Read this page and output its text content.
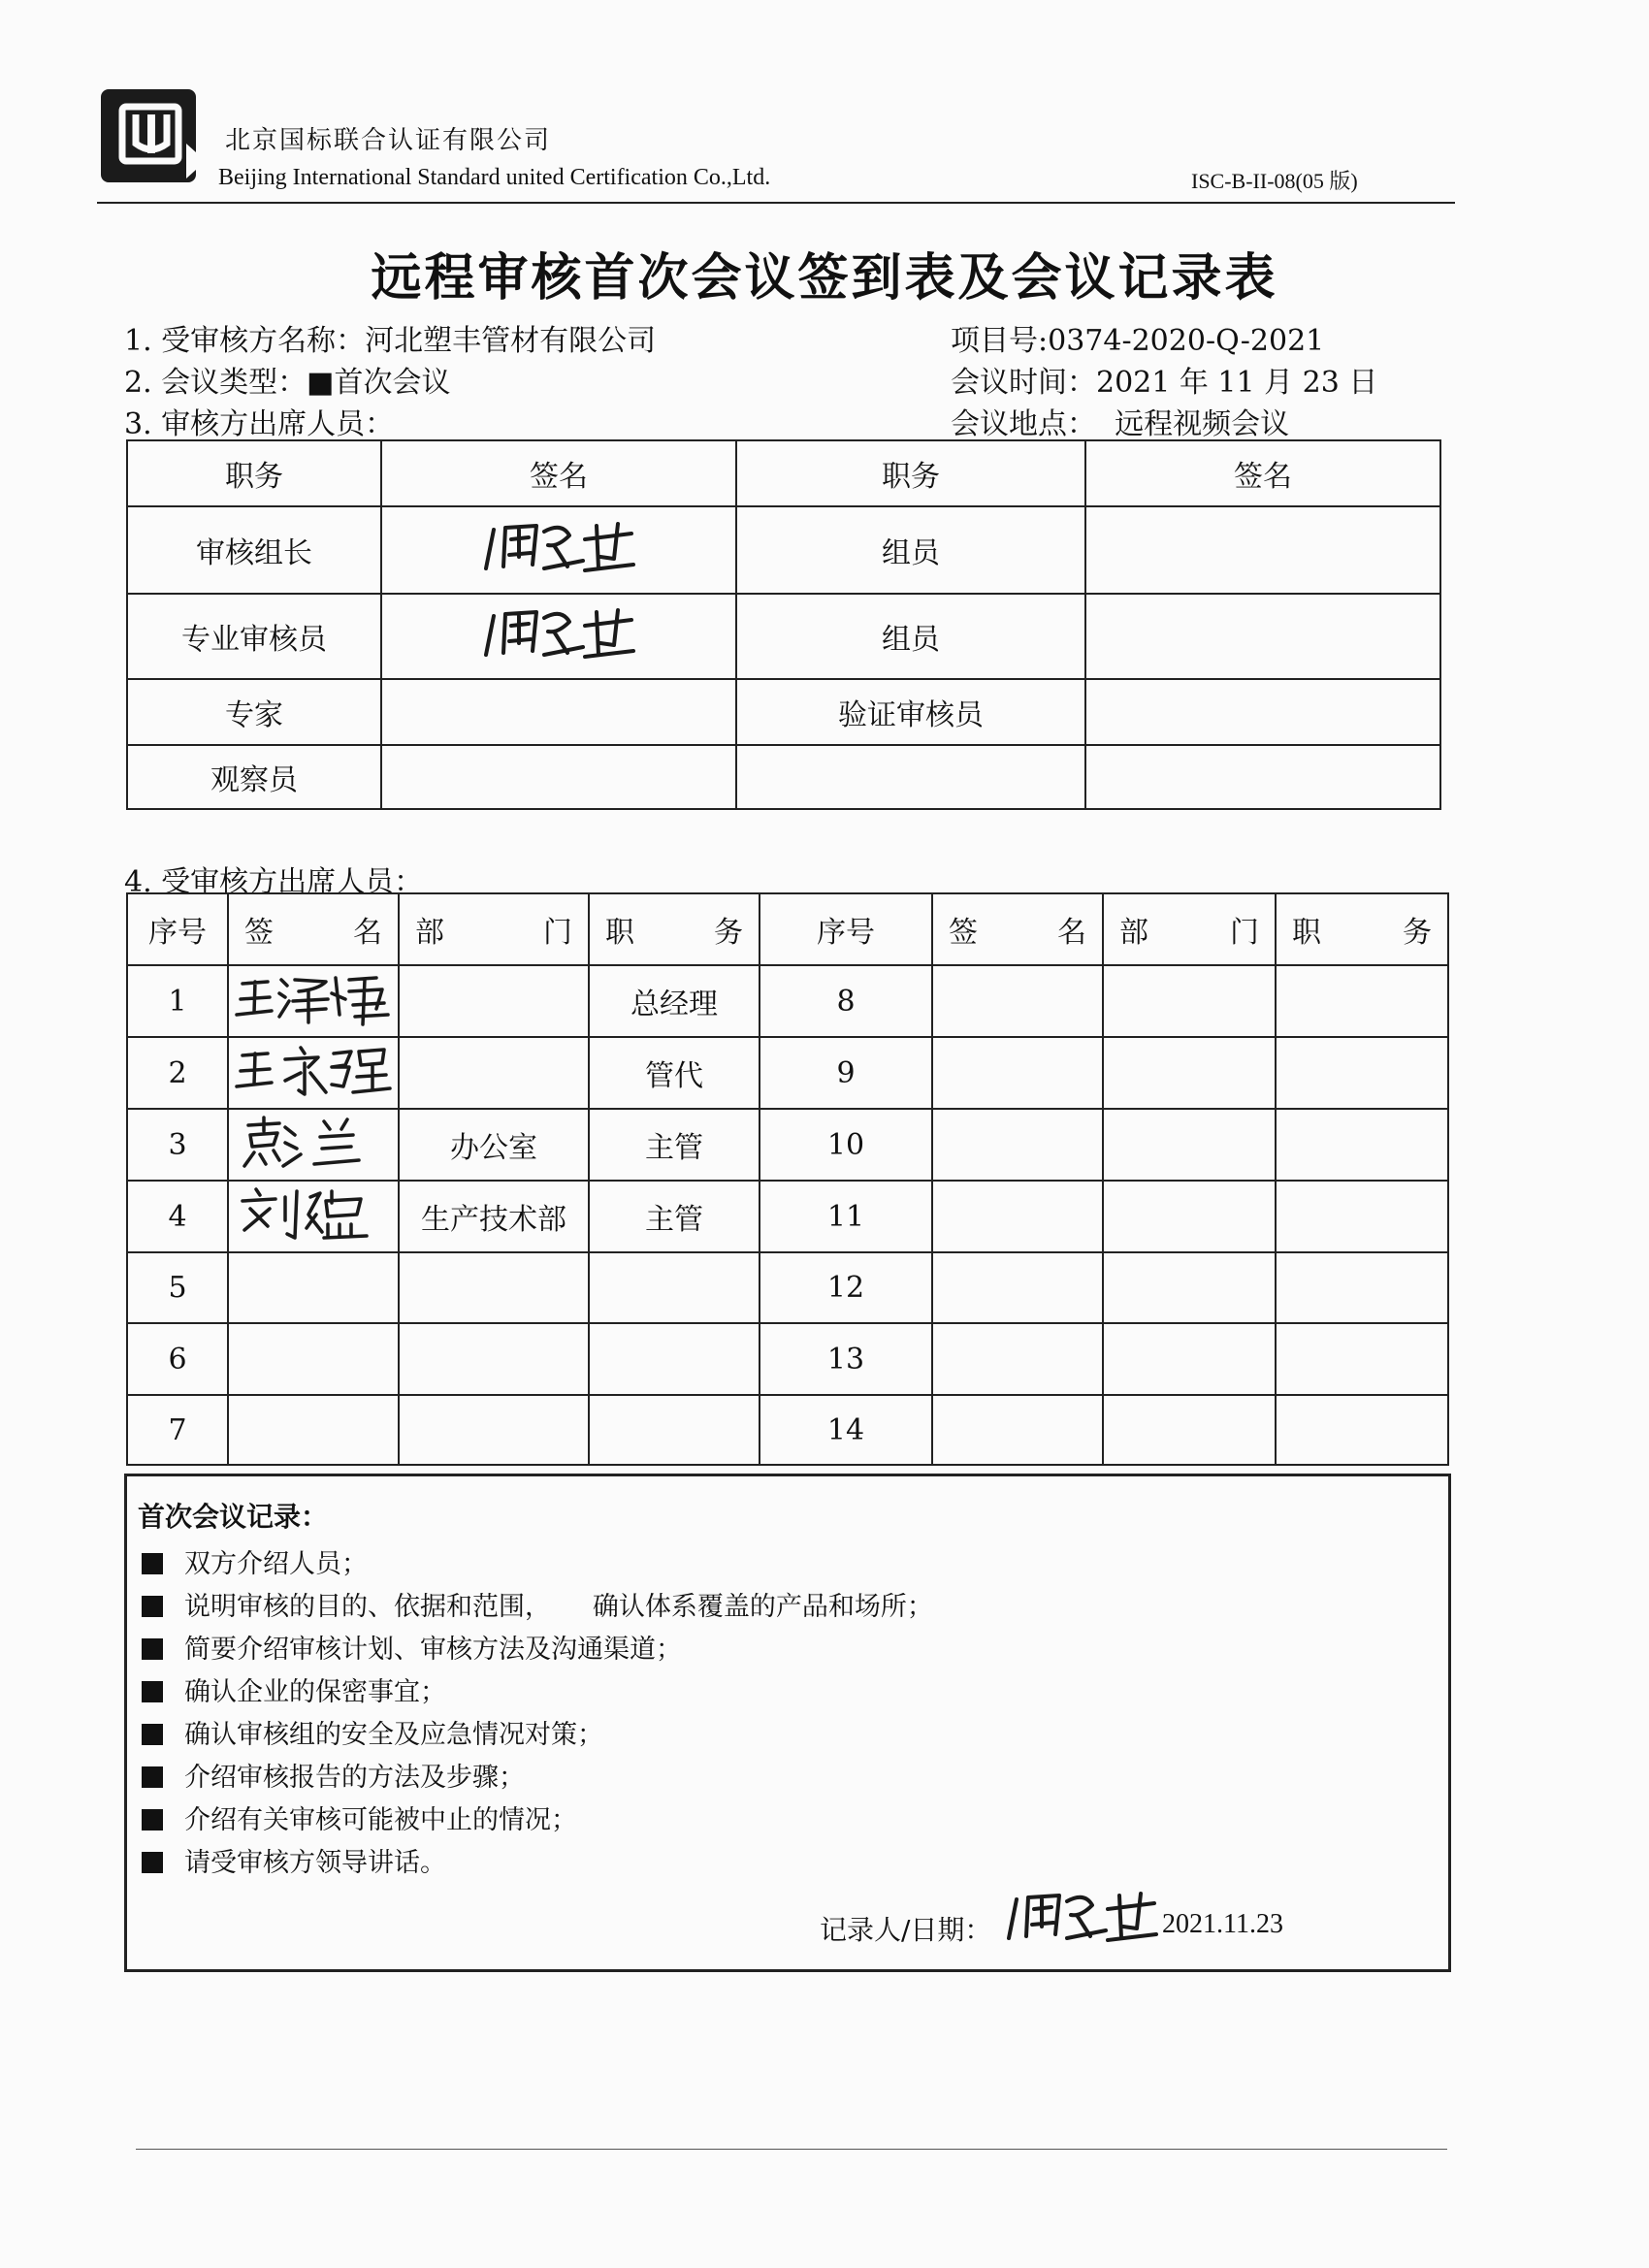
北京国标联合认证有限公司
Beijing International Standard united Certification Co.,Ltd.	ISC-B-II-08(05 版)
远程审核首次会议签到表及会议记录表
1. 受审核方名称：河北塑丰管材有限公司
2. 会议类型：■首次会议
3. 审核方出席人员：
项目号:0374-2020-Q-2021
会议时间：2021 年 11 月 23 日
会议地点： 远程视频会议
职务	签名	职务	签名
审核组长		组员	
专业审核员		组员	
专家		验证审核员	
观察员			
4. 受审核方出席人员：
序号	签名	部门	职务	序号	签名	部门	职务
1			总经理	8			
2			管代	9			
3		办公室	主管	10			
4		生产技术部	主管	11			
5				12			
6				13			
7				14			
首次会议记录：
双方介绍人员；
说明审核的目的、依据和范围，     确认体系覆盖的产品和场所；
简要介绍审核计划、审核方法及沟通渠道；
确认企业的保密事宜；
确认审核组的安全及应急情况对策；
介绍审核报告的方法及步骤；
介绍有关审核可能被中止的情况；
请受审核方领导讲话。
记录人/日期：	2021.11.23
